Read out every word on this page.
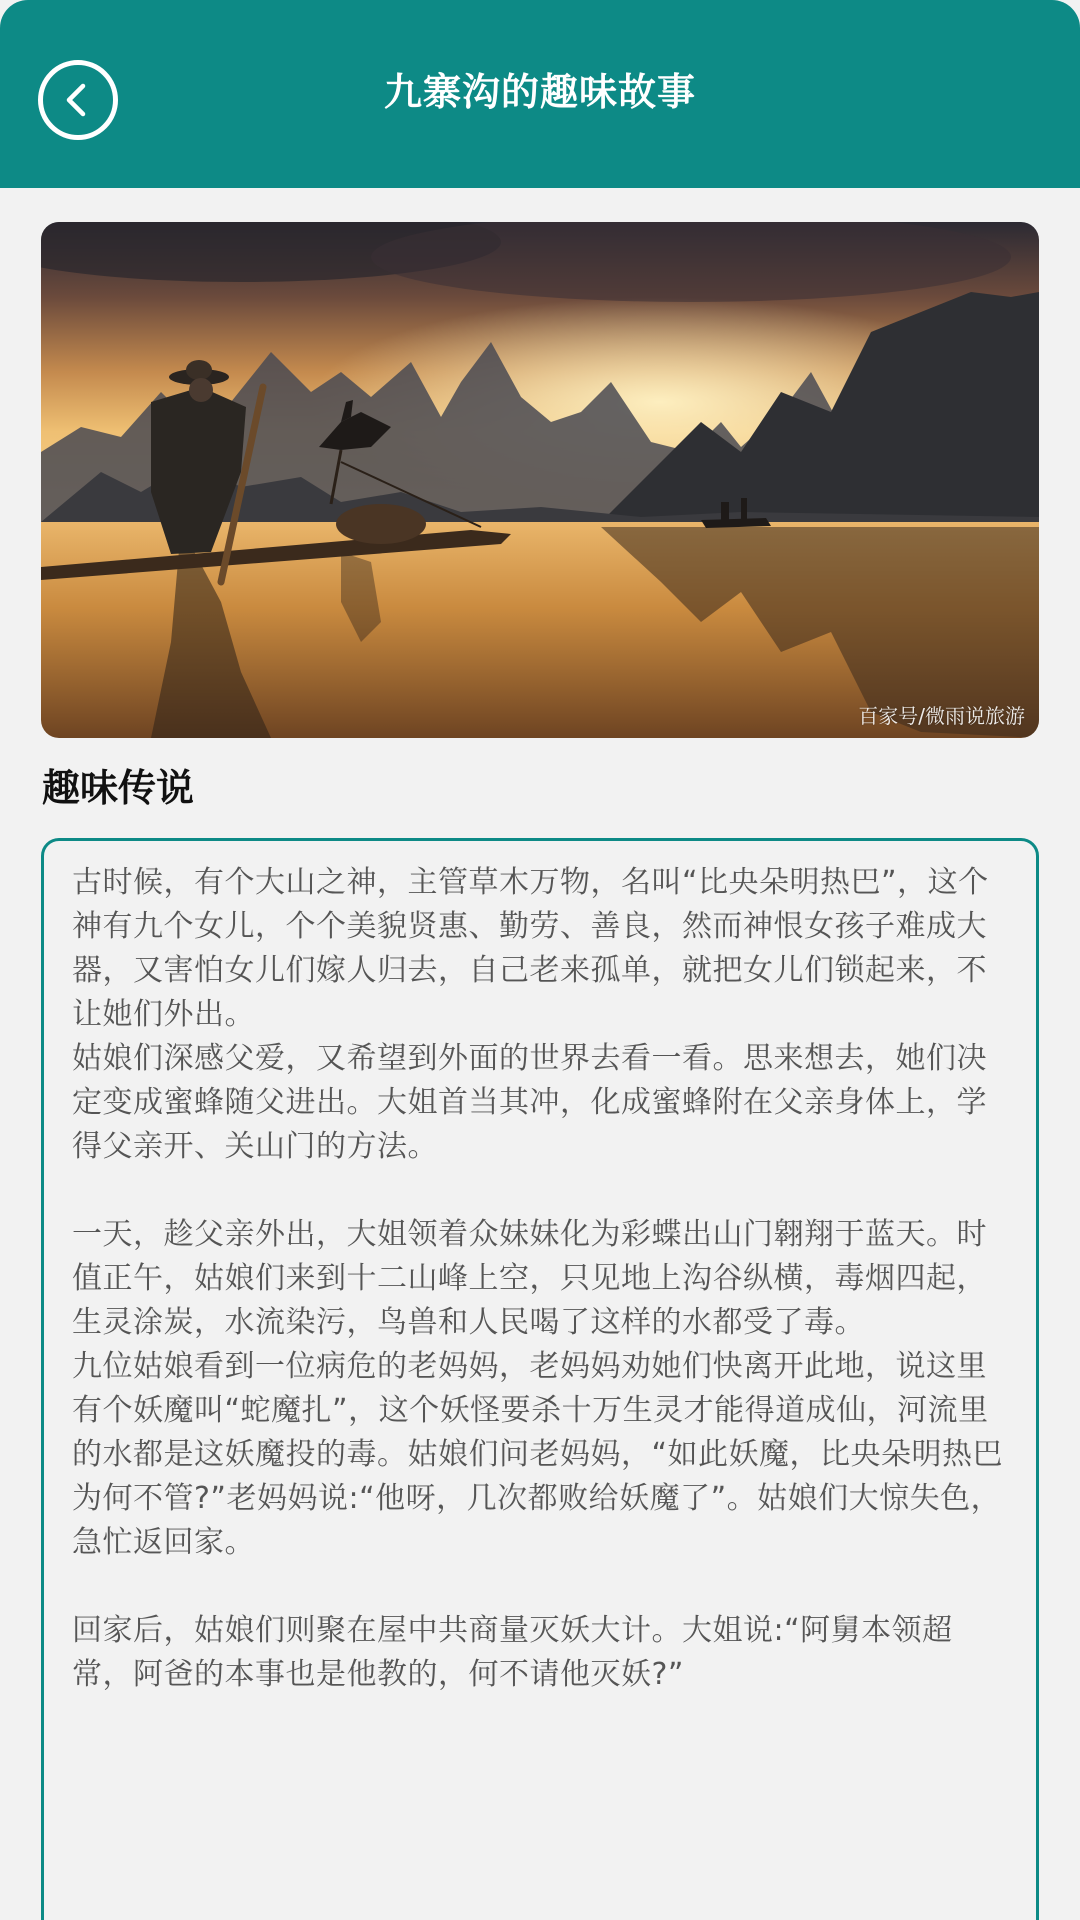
九寨沟的趣味故事
百家号/微雨说旅游
趣味传说
古时候，有个大山之神，主管草木万物，名叫“比央朵明热巴”，这个神有九个女儿，个个美貌贤惠、勤劳、善良，然而神恨女孩子难成大器，又害怕女儿们嫁人归去，自己老来孤单，就把女儿们锁起来，不让她们外出。
姑娘们深感父爱，又希望到外面的世界去看一看。思来想去，她们决定变成蜜蜂随父进出。大姐首当其冲，化成蜜蜂附在父亲身体上，学得父亲开、关山门的方法。

一天，趁父亲外出，大姐领着众妹妹化为彩蝶出山门翱翔于蓝天。时值正午，姑娘们来到十二山峰上空，只见地上沟谷纵横，毒烟四起，生灵涂炭，水流染污，鸟兽和人民喝了这样的水都受了毒。
九位姑娘看到一位病危的老妈妈，老妈妈劝她们快离开此地，说这里有个妖魔叫“蛇魔扎”，这个妖怪要杀十万生灵才能得道成仙，河流里的水都是这妖魔投的毒。姑娘们问老妈妈，“如此妖魔，比央朵明热巴为何不管?”老妈妈说:“他呀，几次都败给妖魔了”。姑娘们大惊失色，急忙返回家。

回家后，姑娘们则聚在屋中共商量灭妖大计。大姐说:“阿舅本领超常，阿爸的本事也是他教的，何不请他灭妖?”
